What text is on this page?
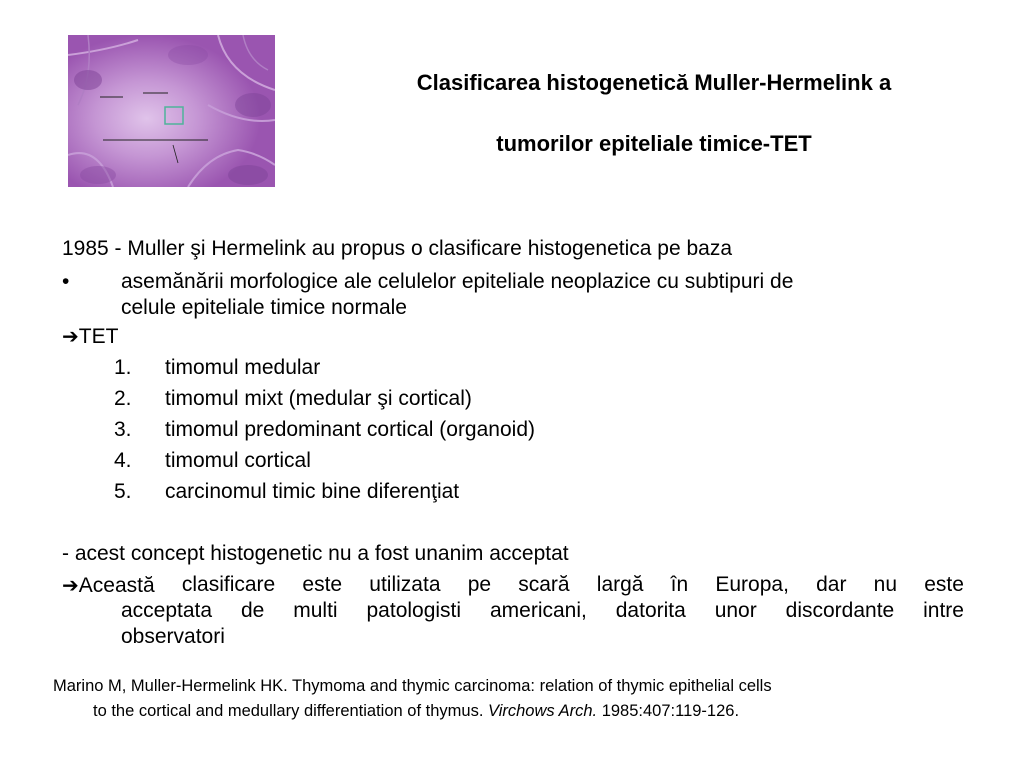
Clasificarea histogenetică Muller-Hermelink a
tumorilor epiteliale timice-TET
1985 - Muller şi Hermelink au propus o clasificare histogenetica pe baza
• asemănării morfologice ale celulelor epiteliale neoplazice cu subtipuri de
celule epiteliale timice normale
➔TET
1. timomul medular
2. timomul mixt (medular şi cortical)
3. timomul predominant cortical (organoid)
4. timomul cortical
5. carcinomul timic bine diferenţiat
- acest concept histogenetic nu a fost unanim acceptat
➔Această clasificare este utilizata pe scară largă în Europa, dar nu este
acceptata de multi patologisti americani, datorita unor discordante intre
observatori
Marino M, Muller-Hermelink HK. Thymoma and thymic carcinoma: relation of thymic epithelial cells
to the cortical and medullary differentiation of thymus. Virchows Arch. 1985:407:119-126.
